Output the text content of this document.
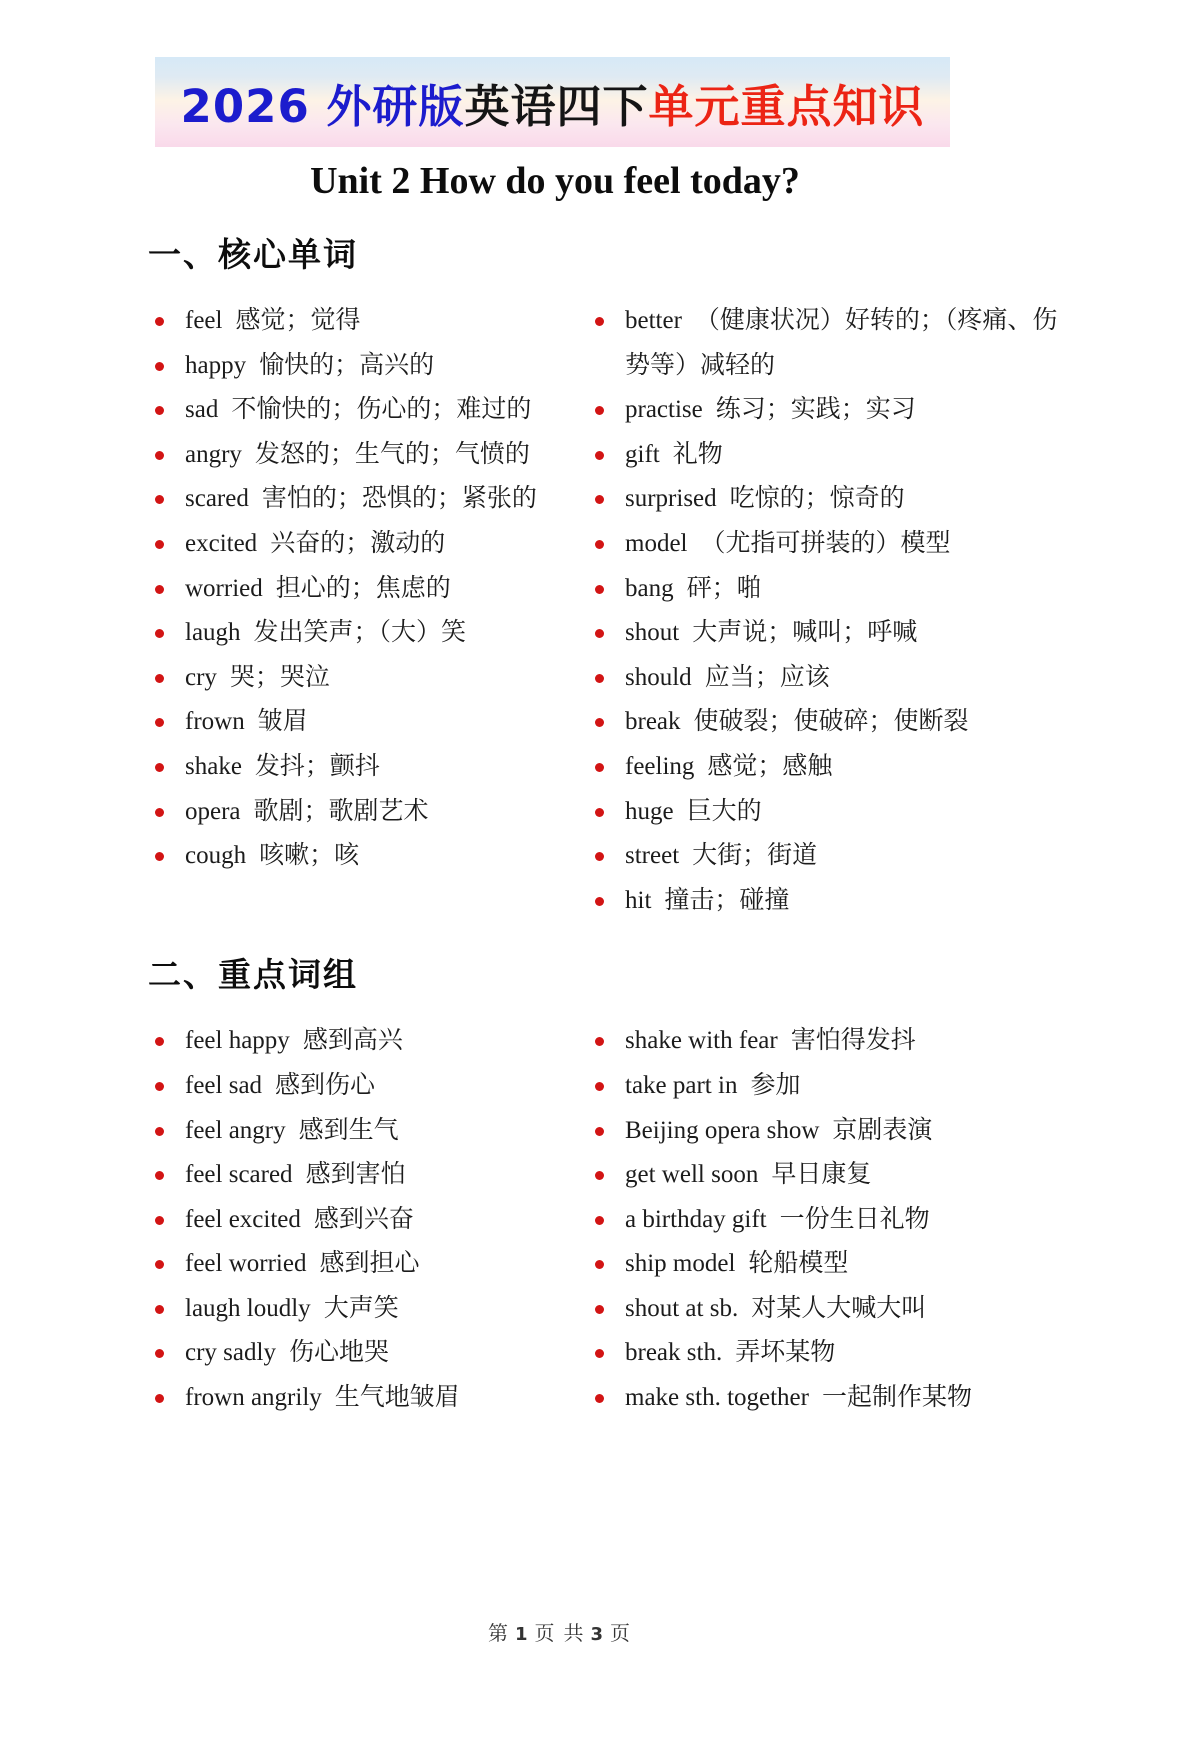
2026 外研版 英语四下 单元重点知识
Unit 2 How do you feel today?
一、核心单词
feel 感觉；觉得
happy 愉快的；高兴的
sad 不愉快的；伤心的；难过的
angry 发怒的；生气的；气愤的
scared 害怕的；恐惧的；紧张的
excited 兴奋的；激动的
worried 担心的；焦虑的
laugh 发出笑声；（大）笑
cry 哭；哭泣
frown 皱眉
shake 发抖；颤抖
opera 歌剧；歌剧艺术
cough 咳嗽；咳
better （健康状况）好转的；（疼痛、伤势等）减轻的
practise 练习；实践；实习
gift 礼物
surprised 吃惊的；惊奇的
model （尤指可拼装的）模型
bang 砰；啪
shout 大声说；喊叫；呼喊
should 应当；应该
break 使破裂；使破碎；使断裂
feeling 感觉；感触
huge 巨大的
street 大街；街道
hit 撞击；碰撞
二、重点词组
feel happy 感到高兴
feel sad 感到伤心
feel angry 感到生气
feel scared 感到害怕
feel excited 感到兴奋
feel worried 感到担心
laugh loudly 大声笑
cry sadly 伤心地哭
frown angrily 生气地皱眉
shake with fear 害怕得发抖
take part in 参加
Beijing opera show 京剧表演
get well soon 早日康复
a birthday gift 一份生日礼物
ship model 轮船模型
shout at sb. 对某人大喊大叫
break sth. 弄坏某物
make sth. together 一起制作某物
第 1 页 共 3 页
